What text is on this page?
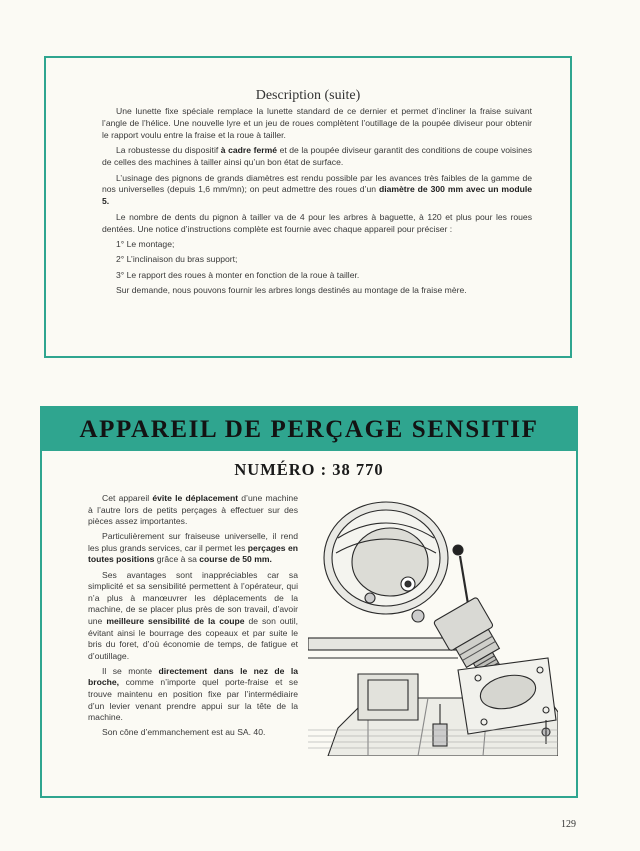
Description (suite)

Une lunette fixe spéciale remplace la lunette standard de ce dernier et permet d’incliner la fraise suivant l’angle de l’hélice. Une nouvelle lyre et un jeu de roues complètent l’outillage de la poupée diviseur pour obtenir le rapport voulu entre la fraise et la roue à tailler.

La robustesse du dispositif à cadre fermé et de la poupée diviseur garantit des conditions de coupe voisines de celles des machines à tailler ainsi qu’un bon état de surface.

L’usinage des pignons de grands diamètres est rendu possible par les avances très faibles de la gamme de nos universelles (depuis 1,6 mm/mn); on peut admettre des roues d’un diamètre de 300 mm avec un module 5.

Le nombre de dents du pignon à tailler va de 4 pour les arbres à baguette, à 120 et plus pour les roues dentées. Une notice d’instructions complète est fournie avec chaque appareil pour préciser :

1° Le montage;

2° L’inclinaison du bras support;

3° Le rapport des roues à monter en fonction de la roue à tailler.

Sur demande, nous pouvons fournir les arbres longs destinés au montage de la fraise mère.

APPAREIL DE PERÇAGE SENSITIF
NUMÉRO : 38 770

Cet appareil évite le déplacement d’une machine à l’autre lors de petits perçages à effectuer sur des pièces assez importantes.

Particulièrement sur fraiseuse universelle, il rend les plus grands services, car il permet les perçages en toutes positions grâce à sa course de 50 mm.

Ses avantages sont inappréciables car sa simplicité et sa sensibilité permettent à l’opérateur, qui n’a plus à manœuvrer les déplacements de la machine, de se placer plus près de son travail, d’avoir une meilleure sensibilité de la coupe de son outil, évitant ainsi le bourrage des copeaux et par suite le bris du foret, d’où économie de temps, de fatigue et d’outillage.

Il se monte directement dans le nez de la broche, comme n’importe quel porte-fraise et se trouve maintenu en position fixe par l’intermédiaire d’un levier venant prendre appui sur la tête de la machine.

Son cône d’emmanchement est au SA. 40.

129
